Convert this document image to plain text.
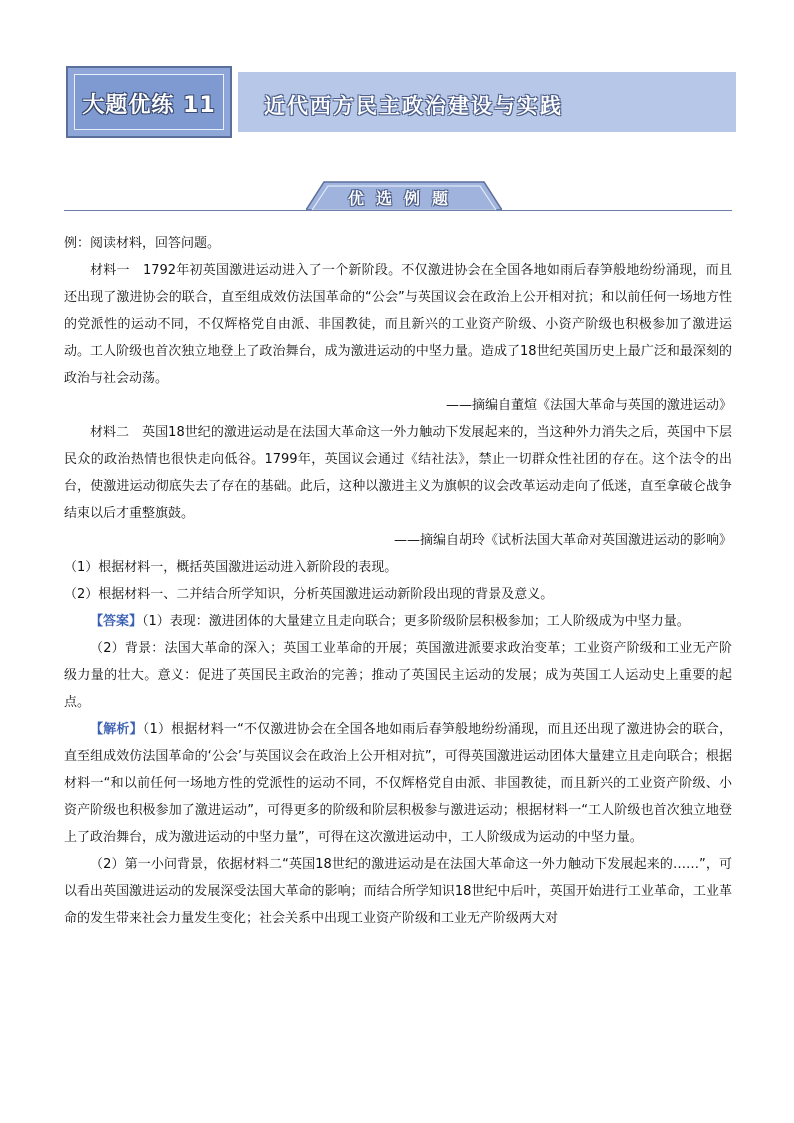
大题优练 11	近代西方民主政治建设与实践
优选例题

例：阅读材料，回答问题。

材料一　1792年初英国激进运动进入了一个新阶段。不仅激进协会在全国各地如雨后春笋般地纷纷涌现，而且还出现了激进协会的联合，直至组成效仿法国革命的“公会”与英国议会在政治上公开相对抗；和以前任何一场地方性的党派性的运动不同，不仅辉格党自由派、非国教徒，而且新兴的工业资产阶级、小资产阶级也积极参加了激进运动。工人阶级也首次独立地登上了政治舞台，成为激进运动的中坚力量。造成了18世纪英国历史上最广泛和最深刻的政治与社会动荡。

——摘编自董煊《法国大革命与英国的激进运动》

材料二　英国18世纪的激进运动是在法国大革命这一外力触动下发展起来的，当这种外力消失之后，英国中下层民众的政治热情也很快走向低谷。1799年，英国议会通过《结社法》，禁止一切群众性社团的存在。这个法令的出台，使激进运动彻底失去了存在的基础。此后，这种以激进主义为旗帜的议会改革运动走向了低迷，直至拿破仑战争结束以后才重整旗鼓。

——摘编自胡玲《试析法国大革命对英国激进运动的影响》

（1）根据材料一，概括英国激进运动进入新阶段的表现。

（2）根据材料一、二并结合所学知识，分析英国激进运动新阶段出现的背景及意义。

【答案】（1）表现：激进团体的大量建立且走向联合；更多阶级阶层积极参加；工人阶级成为中坚力量。

（2）背景：法国大革命的深入；英国工业革命的开展；英国激进派要求政治变革；工业资产阶级和工业无产阶级力量的壮大。意义：促进了英国民主政治的完善；推动了英国民主运动的发展；成为英国工人运动史上重要的起点。

【解析】（1）根据材料一“不仅激进协会在全国各地如雨后春笋般地纷纷涌现，而且还出现了激进协会的联合，直至组成效仿法国革命的‘公会’与英国议会在政治上公开相对抗”，可得英国激进运动团体大量建立且走向联合；根据材料一“和以前任何一场地方性的党派性的运动不同，不仅辉格党自由派、非国教徒，而且新兴的工业资产阶级、小资产阶级也积极参加了激进运动”，可得更多的阶级和阶层积极参与激进运动；根据材料一“工人阶级也首次独立地登上了政治舞台，成为激进运动的中坚力量”，可得在这次激进运动中，工人阶级成为运动的中坚力量。

（2）第一小问背景，依据材料二“英国18世纪的激进运动是在法国大革命这一外力触动下发展起来的……”，可以看出英国激进运动的发展深受法国大革命的影响；而结合所学知识18世纪中后叶，英国开始进行工业革命，工业革命的发生带来社会力量发生变化；社会关系中出现工业资产阶级和工业无产阶级两大对
